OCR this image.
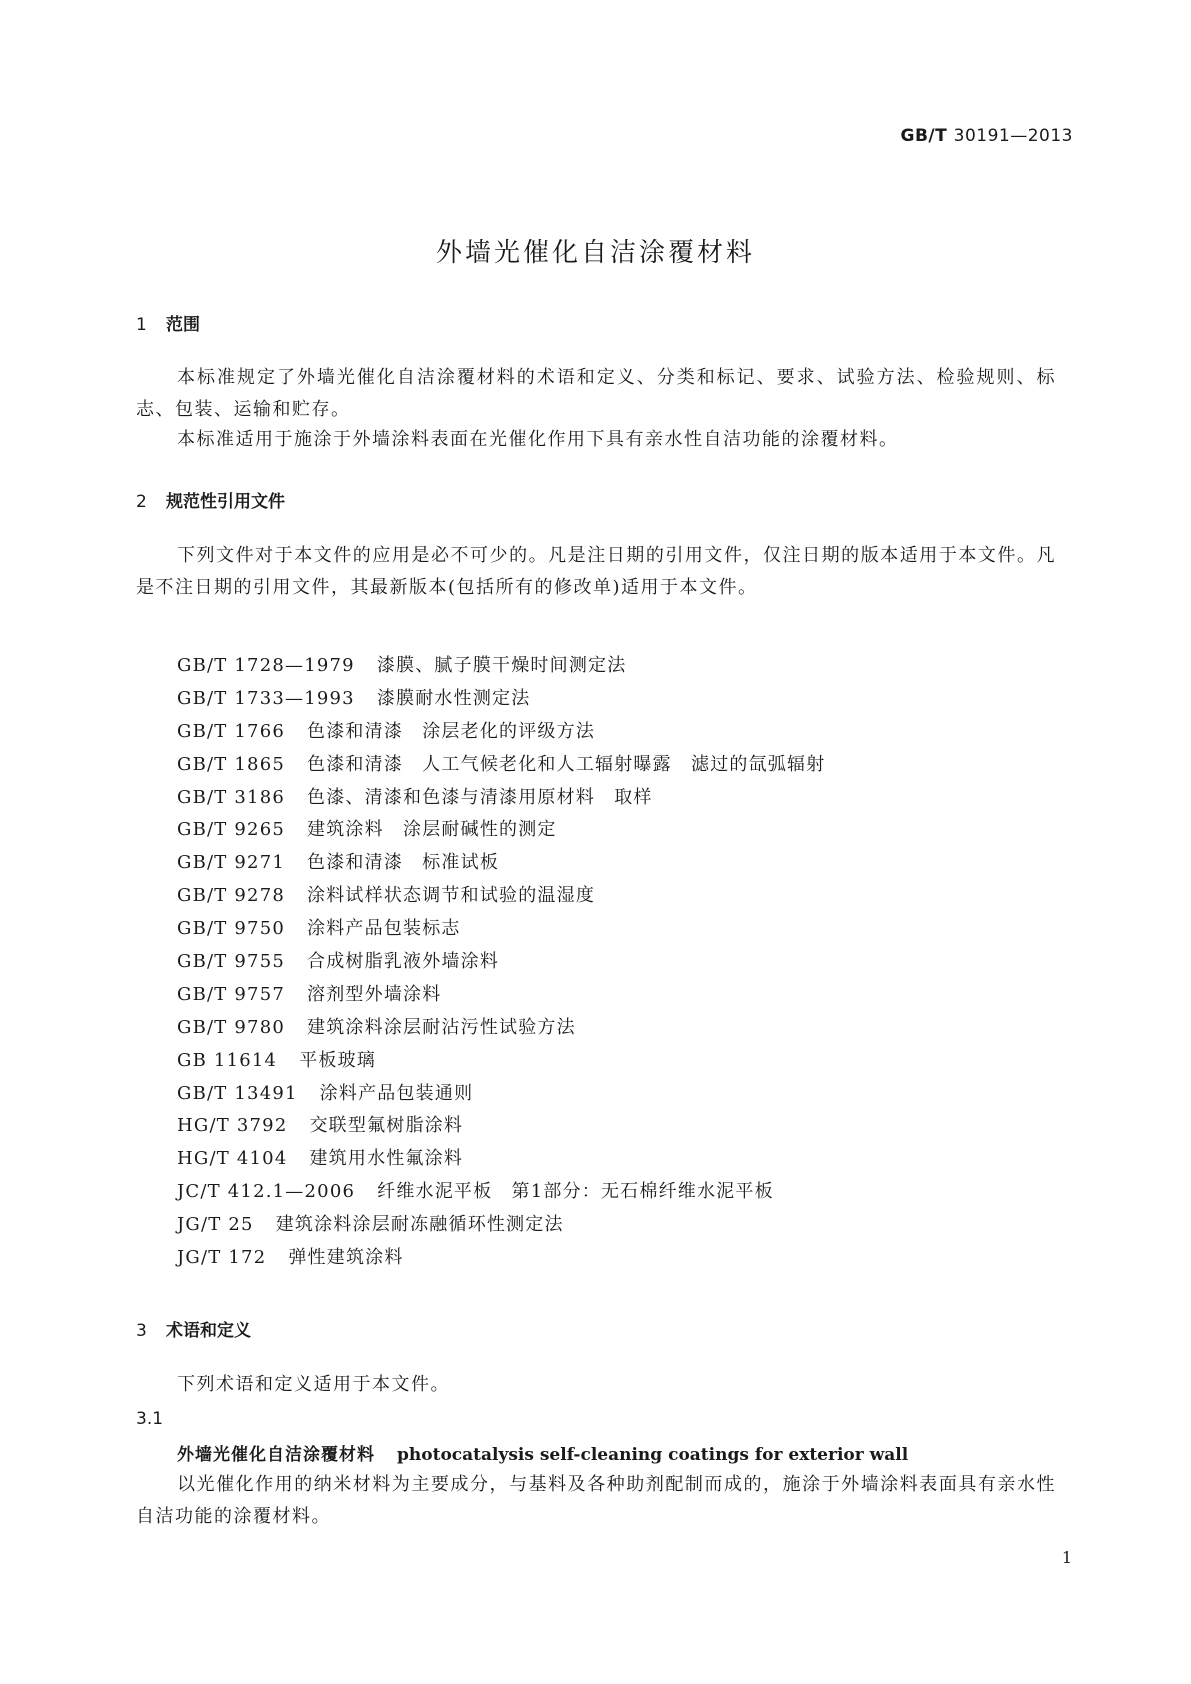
GB/T 30191—2013
外墙光催化自洁涂覆材料
1 范围

本标准规定了外墙光催化自洁涂覆材料的术语和定义、分类和标记、要求、试验方法、检验规则、标志、包装、运输和贮存。

本标准适用于施涂于外墙涂料表面在光催化作用下具有亲水性自洁功能的涂覆材料。

2 规范性引用文件

下列文件对于本文件的应用是必不可少的。凡是注日期的引用文件，仅注日期的版本适用于本文件。凡是不注日期的引用文件，其最新版本(包括所有的修改单)适用于本文件。

GB/T 1728—1979 漆膜、腻子膜干燥时间测定法
GB/T 1733—1993 漆膜耐水性测定法
GB/T 1766 色漆和清漆　涂层老化的评级方法
GB/T 1865 色漆和清漆　人工气候老化和人工辐射曝露　滤过的氙弧辐射
GB/T 3186 色漆、清漆和色漆与清漆用原材料　取样
GB/T 9265 建筑涂料　涂层耐碱性的测定
GB/T 9271 色漆和清漆　标准试板
GB/T 9278 涂料试样状态调节和试验的温湿度
GB/T 9750 涂料产品包装标志
GB/T 9755 合成树脂乳液外墙涂料
GB/T 9757 溶剂型外墙涂料
GB/T 9780 建筑涂料涂层耐沾污性试验方法
GB 11614 平板玻璃
GB/T 13491 涂料产品包装通则
HG/T 3792 交联型氟树脂涂料
HG/T 4104 建筑用水性氟涂料
JC/T 412.1—2006 纤维水泥平板　第1部分：无石棉纤维水泥平板
JG/T 25 建筑涂料涂层耐冻融循环性测定法
JG/T 172 弹性建筑涂料
3 术语和定义

下列术语和定义适用于本文件。

3.1
外墙光催化自洁涂覆材料 photocatalysis self-cleaning coatings for exterior wall

以光催化作用的纳米材料为主要成分，与基料及各种助剂配制而成的，施涂于外墙涂料表面具有亲水性自洁功能的涂覆材料。

1
